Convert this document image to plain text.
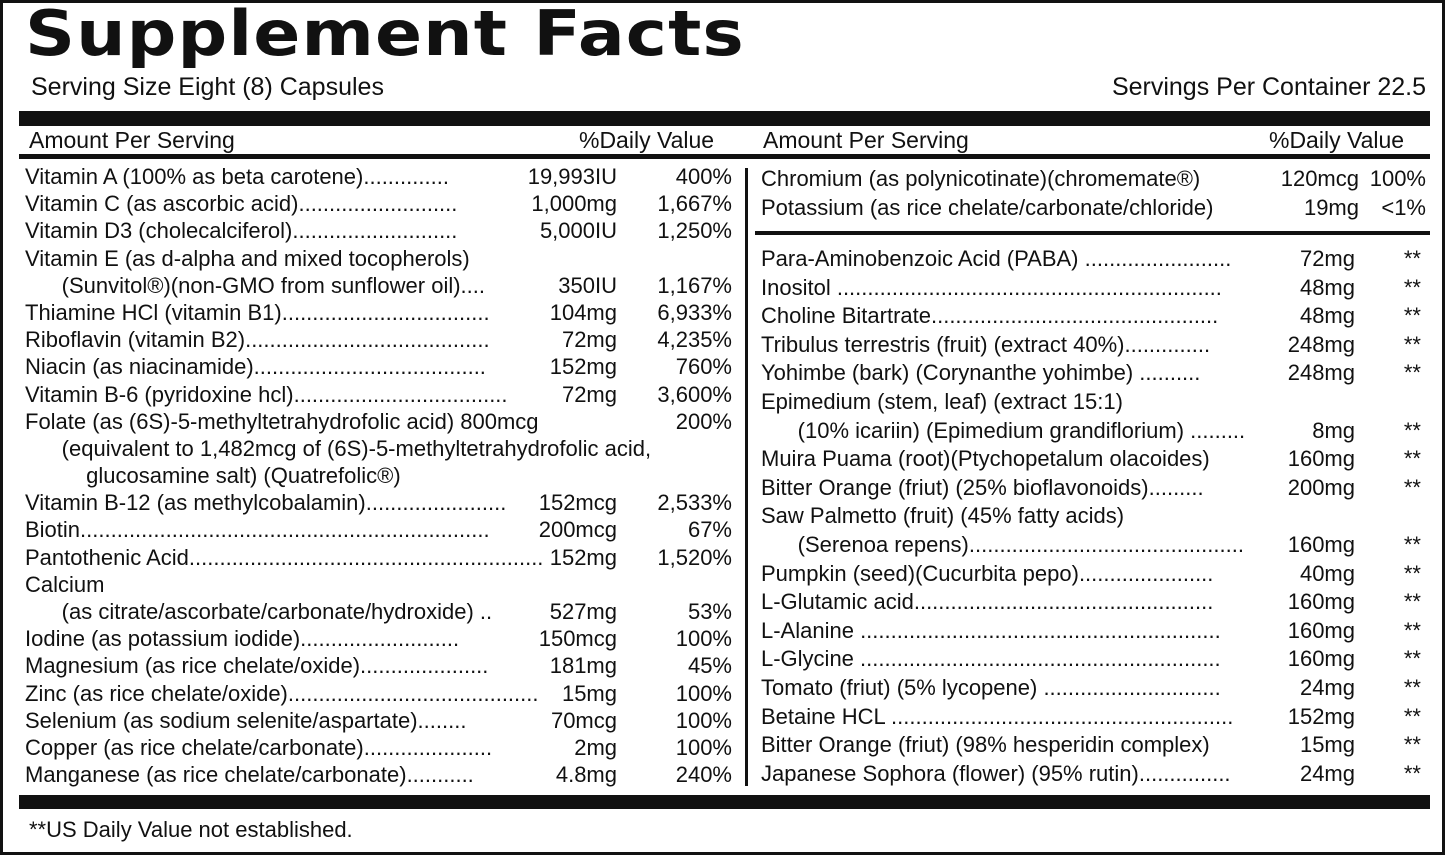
Supplement Facts
Serving Size Eight (8) Capsules	Servings Per Container 22.5
Amount Per Serving	%Daily Value Amount Per Serving	%Daily Value
Vitamin A (100% as beta carotene)..............	19,993IU	400%
Vitamin C (as ascorbic acid)..........................	1,000mg 1,667%
Vitamin D3 (cholecalciferol)...........................	5,000IU 1,250%
Vitamin E (as d-alpha and mixed tocopherols)
(Sunvitol®)(non-GMO from sunflower oil)....	350IU 1,167%
Thiamine HCl (vitamin B1)..................................	104mg 6,933%
Riboflavin (vitamin B2)........................................	72mg 4,235%
Niacin (as niacinamide)......................................	152mg	760%
Vitamin B-6 (pyridoxine hcl)...................................	72mg 3,600%
Folate (as (6S)-5-methyltetrahydrofolic acid) 800mcg	200%
(equivalent to 1,482mcg of (6S)-5-methyltetrahydrofolic acid,
glucosamine salt) (Quatrefolic®)
Vitamin B-12 (as methylcobalamin).......................	152mcg 2,533%
Biotin...................................................................	200mcg	67%
Pantothenic Acid.......................................................... 152mg 1,520%
Calcium
(as citrate/ascorbate/carbonate/hydroxide) ..	527mg	53%
Iodine (as potassium iodide)..........................	150mcg	100%
Magnesium (as rice chelate/oxide).....................	181mg	45%
Zinc (as rice chelate/oxide).........................................	15mg	100%
Selenium (as sodium selenite/aspartate)........	70mcg	100%
Copper (as rice chelate/carbonate).....................	2mg	100%
Manganese (as rice chelate/carbonate)...........	4.8mg	240%
Chromium (as polynicotinate)(chromemate®)	120mcg 100%
Potassium (as rice chelate/carbonate/chloride)	19mg <1%
Para-Aminobenzoic Acid (PABA) ........................	72mg **
Inositol ...............................................................	48mg **
Choline Bitartrate...............................................	48mg **
Tribulus terrestris (fruit) (extract 40%)..............	248mg **
Yohimbe (bark) (Corynanthe yohimbe) ..........	248mg **
Epimedium (stem, leaf) (extract 15:1)
(10% icariin) (Epimedium grandiflorium) .........	8mg **
Muira Puama (root)(Ptychopetalum olacoides)	160mg **
Bitter Orange (friut) (25% bioflavonoids).........	200mg **
Saw Palmetto (fruit) (45% fatty acids)
(Serenoa repens).............................................	160mg **
Pumpkin (seed)(Cucurbita pepo)......................	40mg **
L-Glutamic acid.................................................	160mg **
L-Alanine ...........................................................	160mg **
L-Glycine ...........................................................	160mg **
Tomato (friut) (5% lycopene) .............................	24mg **
Betaine HCL ........................................................	152mg **
Bitter Orange (friut) (98% hesperidin complex)	15mg **
Japanese Sophora (flower) (95% rutin)...............	24mg **
**US Daily Value not established.
